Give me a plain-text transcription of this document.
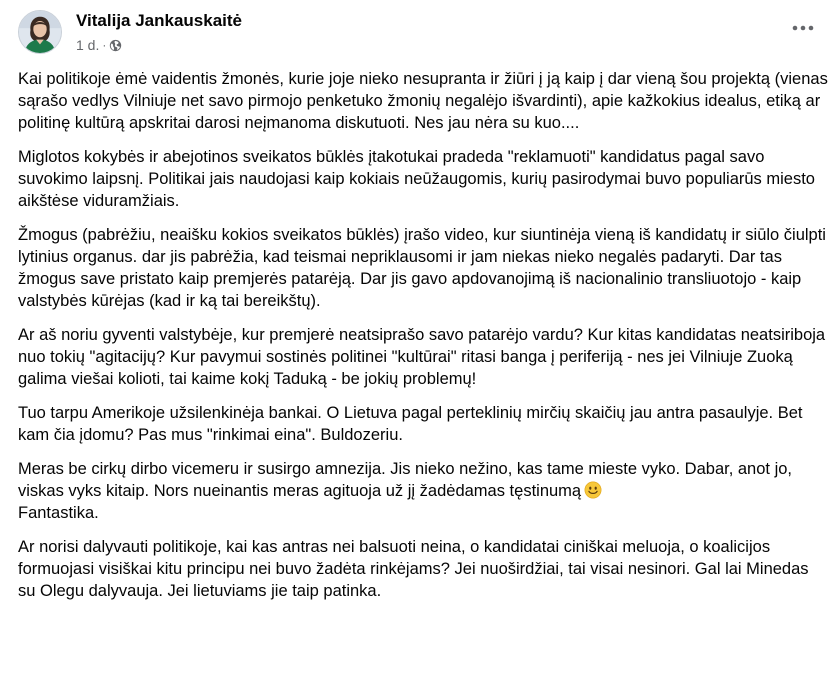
Vitalija Jankauskaitė
1 d. ·

Kai politikoje ėmė vaidentis žmonės, kurie joje nieko nesupranta ir žiūri į ją kaip į dar vieną šou projektą (vienas sąrašo vedlys Vilniuje net savo pirmojo penketuko žmonių negalėjo išvardinti), apie kažkokius idealus, etiką ar politinę kultūrą apskritai darosi neįmanoma diskutuoti. Nes jau nėra su kuo....

Miglotos kokybės ir abejotinos sveikatos būklės įtakotukai pradeda "reklamuoti" kandidatus pagal savo suvokimo laipsnį. Politikai jais naudojasi kaip kokiais neūžaugomis, kurių pasirodymai buvo populiarūs miesto aikštėse viduramžiais.

Žmogus (pabrėžiu, neaišku kokios sveikatos būklės) įrašo video, kur siuntinėja vieną iš kandidatų ir siūlo čiulpti lytinius organus. dar jis pabrėžia, kad teismai nepriklausomi ir jam niekas nieko negalės padaryti. Dar tas žmogus save pristato kaip premjerės patarėją. Dar jis gavo apdovanojimą iš nacionalinio transliuotojo - kaip valstybės kūrėjas (kad ir ką tai bereikštų).

Ar aš noriu gyventi valstybėje, kur premjerė neatsiprašo savo patarėjo vardu? Kur kitas kandidatas neatsiriboja nuo tokių "agitacijų? Kur pavymui sostinės politinei "kultūrai" ritasi banga į periferiją - nes jei Vilniuje Zuoką galima viešai kolioti, tai kaime kokį Taduką - be jokių problemų!

Tuo tarpu Amerikoje užsilenkinėja bankai. O Lietuva pagal perteklinių mirčių skaičių jau antra pasaulyje. Bet kam čia įdomu? Pas mus "rinkimai eina". Buldozeriu.

Meras be cirkų dirbo vicemeru ir susirgo amnezija. Jis nieko nežino, kas tame mieste vyko. Dabar, anot jo, viskas vyks kitaip. Nors nueinantis meras agituoja už jį žadėdamas tęstinumą
Fantastika.

Ar norisi dalyvauti politikoje, kai kas antras nei balsuoti neina, o kandidatai ciniškai meluoja, o koalicijos formuojasi visiškai kitu principu nei buvo žadėta rinkėjams? Jei nuoširdžiai, tai visai nesinori. Gal lai Minedas su Olegu dalyvauja. Jei lietuviams jie taip patinka.
